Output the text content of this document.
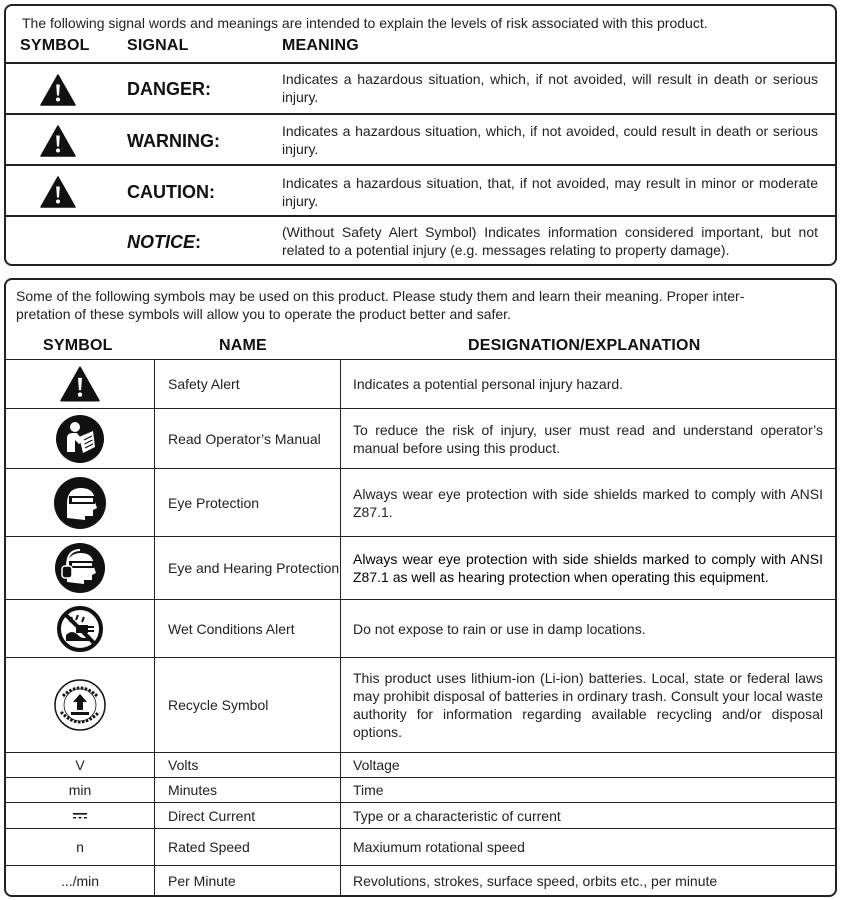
The following signal words and meanings are intended to explain the levels of risk associated with this product.
SYMBOL SIGNAL	MEANING
DANGER:	Indicates a hazardous situation, which, if not avoided, will result in death or serious injury.
WARNING:	Indicates a hazardous situation, which, if not avoided, could result in death or serious injury.
CAUTION:	Indicates a hazardous situation, that, if not avoided, may result in minor or moderate injury.
NOTICE:	(Without Safety Alert Symbol) Indicates information considered important, but not related to a potential injury (e.g. messages relating to property damage).
Some of the following symbols may be used on this product. Please study them and learn their meaning. Proper inter-
pretation of these symbols will allow you to operate the product better and safer.
SYMBOL	NAME	DESIGNATION/EXPLANATION
	Safety Alert	Indicates a potential personal injury hazard.

	Read Operator’s Manual	To reduce the risk of injury, user must read and understand operator’s manual before using this product.

	Eye Protection	Always wear eye protection with side shields marked to comply with ANSI Z87.1.

	Eye and Hearing Protection	Always wear eye protection with side shields marked to comply with ANSI Z87.1 as well as hearing protection when operating this equipment.

	Wet Conditions Alert	Do not expose to rain or use in damp locations.

	Recycle Symbol	This product uses lithium-ion (Li-ion) batteries. Local, state or federal laws may prohibit disposal of batteries in ordinary trash. Consult your local waste authority for information regarding available recycling and/or disposal options.
V	Volts	Voltage
min	Minutes	Time

	Direct Current	Type or a characteristic of current
n	Rated Speed	Maxiumum rotational speed
.../min	Per Minute	Revolutions, strokes, surface speed, orbits etc., per minute
